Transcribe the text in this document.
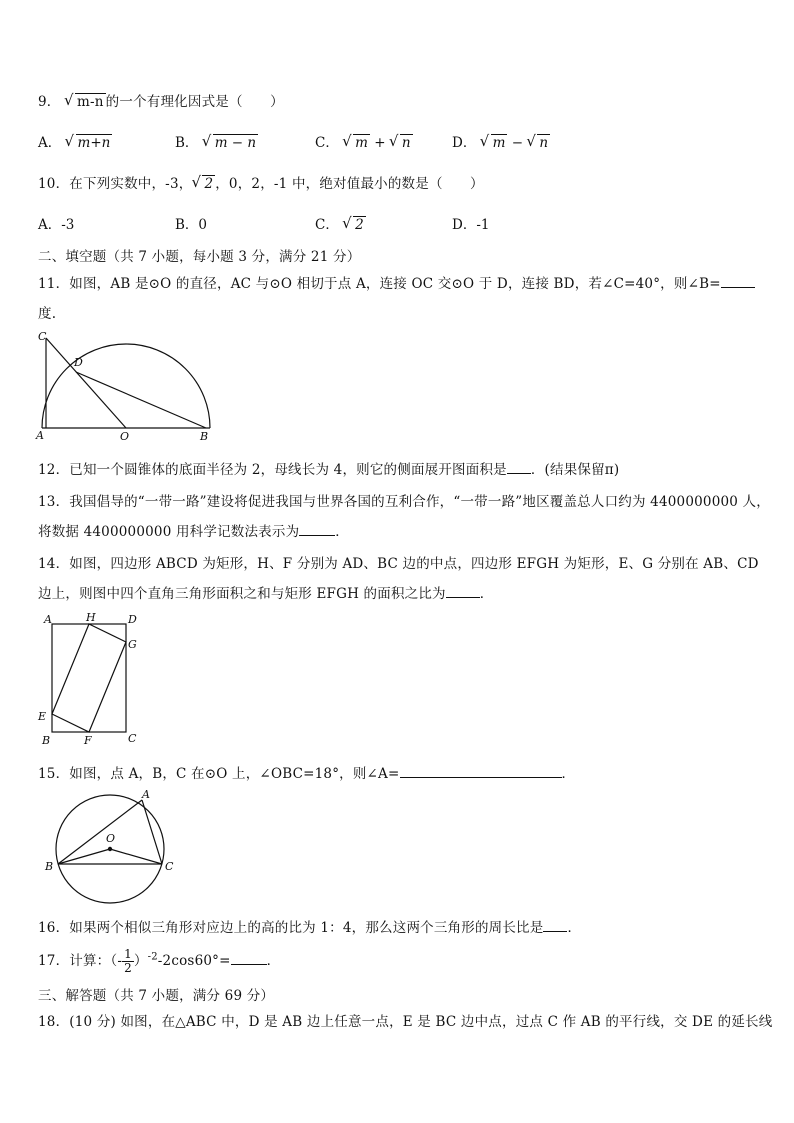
9． √ m-n 的一个有理化因式是（　　）
A． √ m+n	B． √ m − n	C． √ m + √ n	D． √ m − √ n
10．在下列实数中，-3， √ 2 ，0，2，-1 中，绝对值最小的数是（　　）
A．-3	B．0	C． √ 2	D．-1
二、填空题（共 7 小题，每小题 3 分，满分 21 分）
11．如图，AB 是⊙O 的直径，AC 与⊙O 相切于点 A，连接 OC 交⊙O 于 D，连接 BD，若∠C=40°，则∠B=
度.
C
D
A	O	B
12．已知一个圆锥体的底面半径为 2，母线长为 4，则它的侧面展开图面积是 ．(结果保留π)
13．我国倡导的“一带一路”建设将促进我国与世界各国的互利合作，“一带一路”地区覆盖总人口约为 4400000000 人，
将数据 4400000000 用科学记数法表示为	．
14．如图，四边形 ABCD 为矩形，H、F 分别为 AD、BC 边的中点，四边形 EFGH 为矩形，E、G 分别在 AB、CD
边上，则图中四个直角三角形面积之和与矩形 EFGH 的面积之比为	．
A	H	D
G
E
B	F	C
15．如图，点 A，B，C 在⊙O 上，∠OBC=18°，则∠A=	．
A
O
B	C
16．如果两个相似三角形对应边上的高的比为 1：4，那么这两个三角形的周长比是 ．
17．计算：（- $\frac{1}{2} )^{-2}-2\cos 60^\circ=$	．
三、解答题（共 7 小题，满分 69 分）
18．(10 分) 如图，在△ABC 中，D 是 AB 边上任意一点，E 是 BC 边中点，过点 C 作 AB 的平行线，交 DE 的延长线
